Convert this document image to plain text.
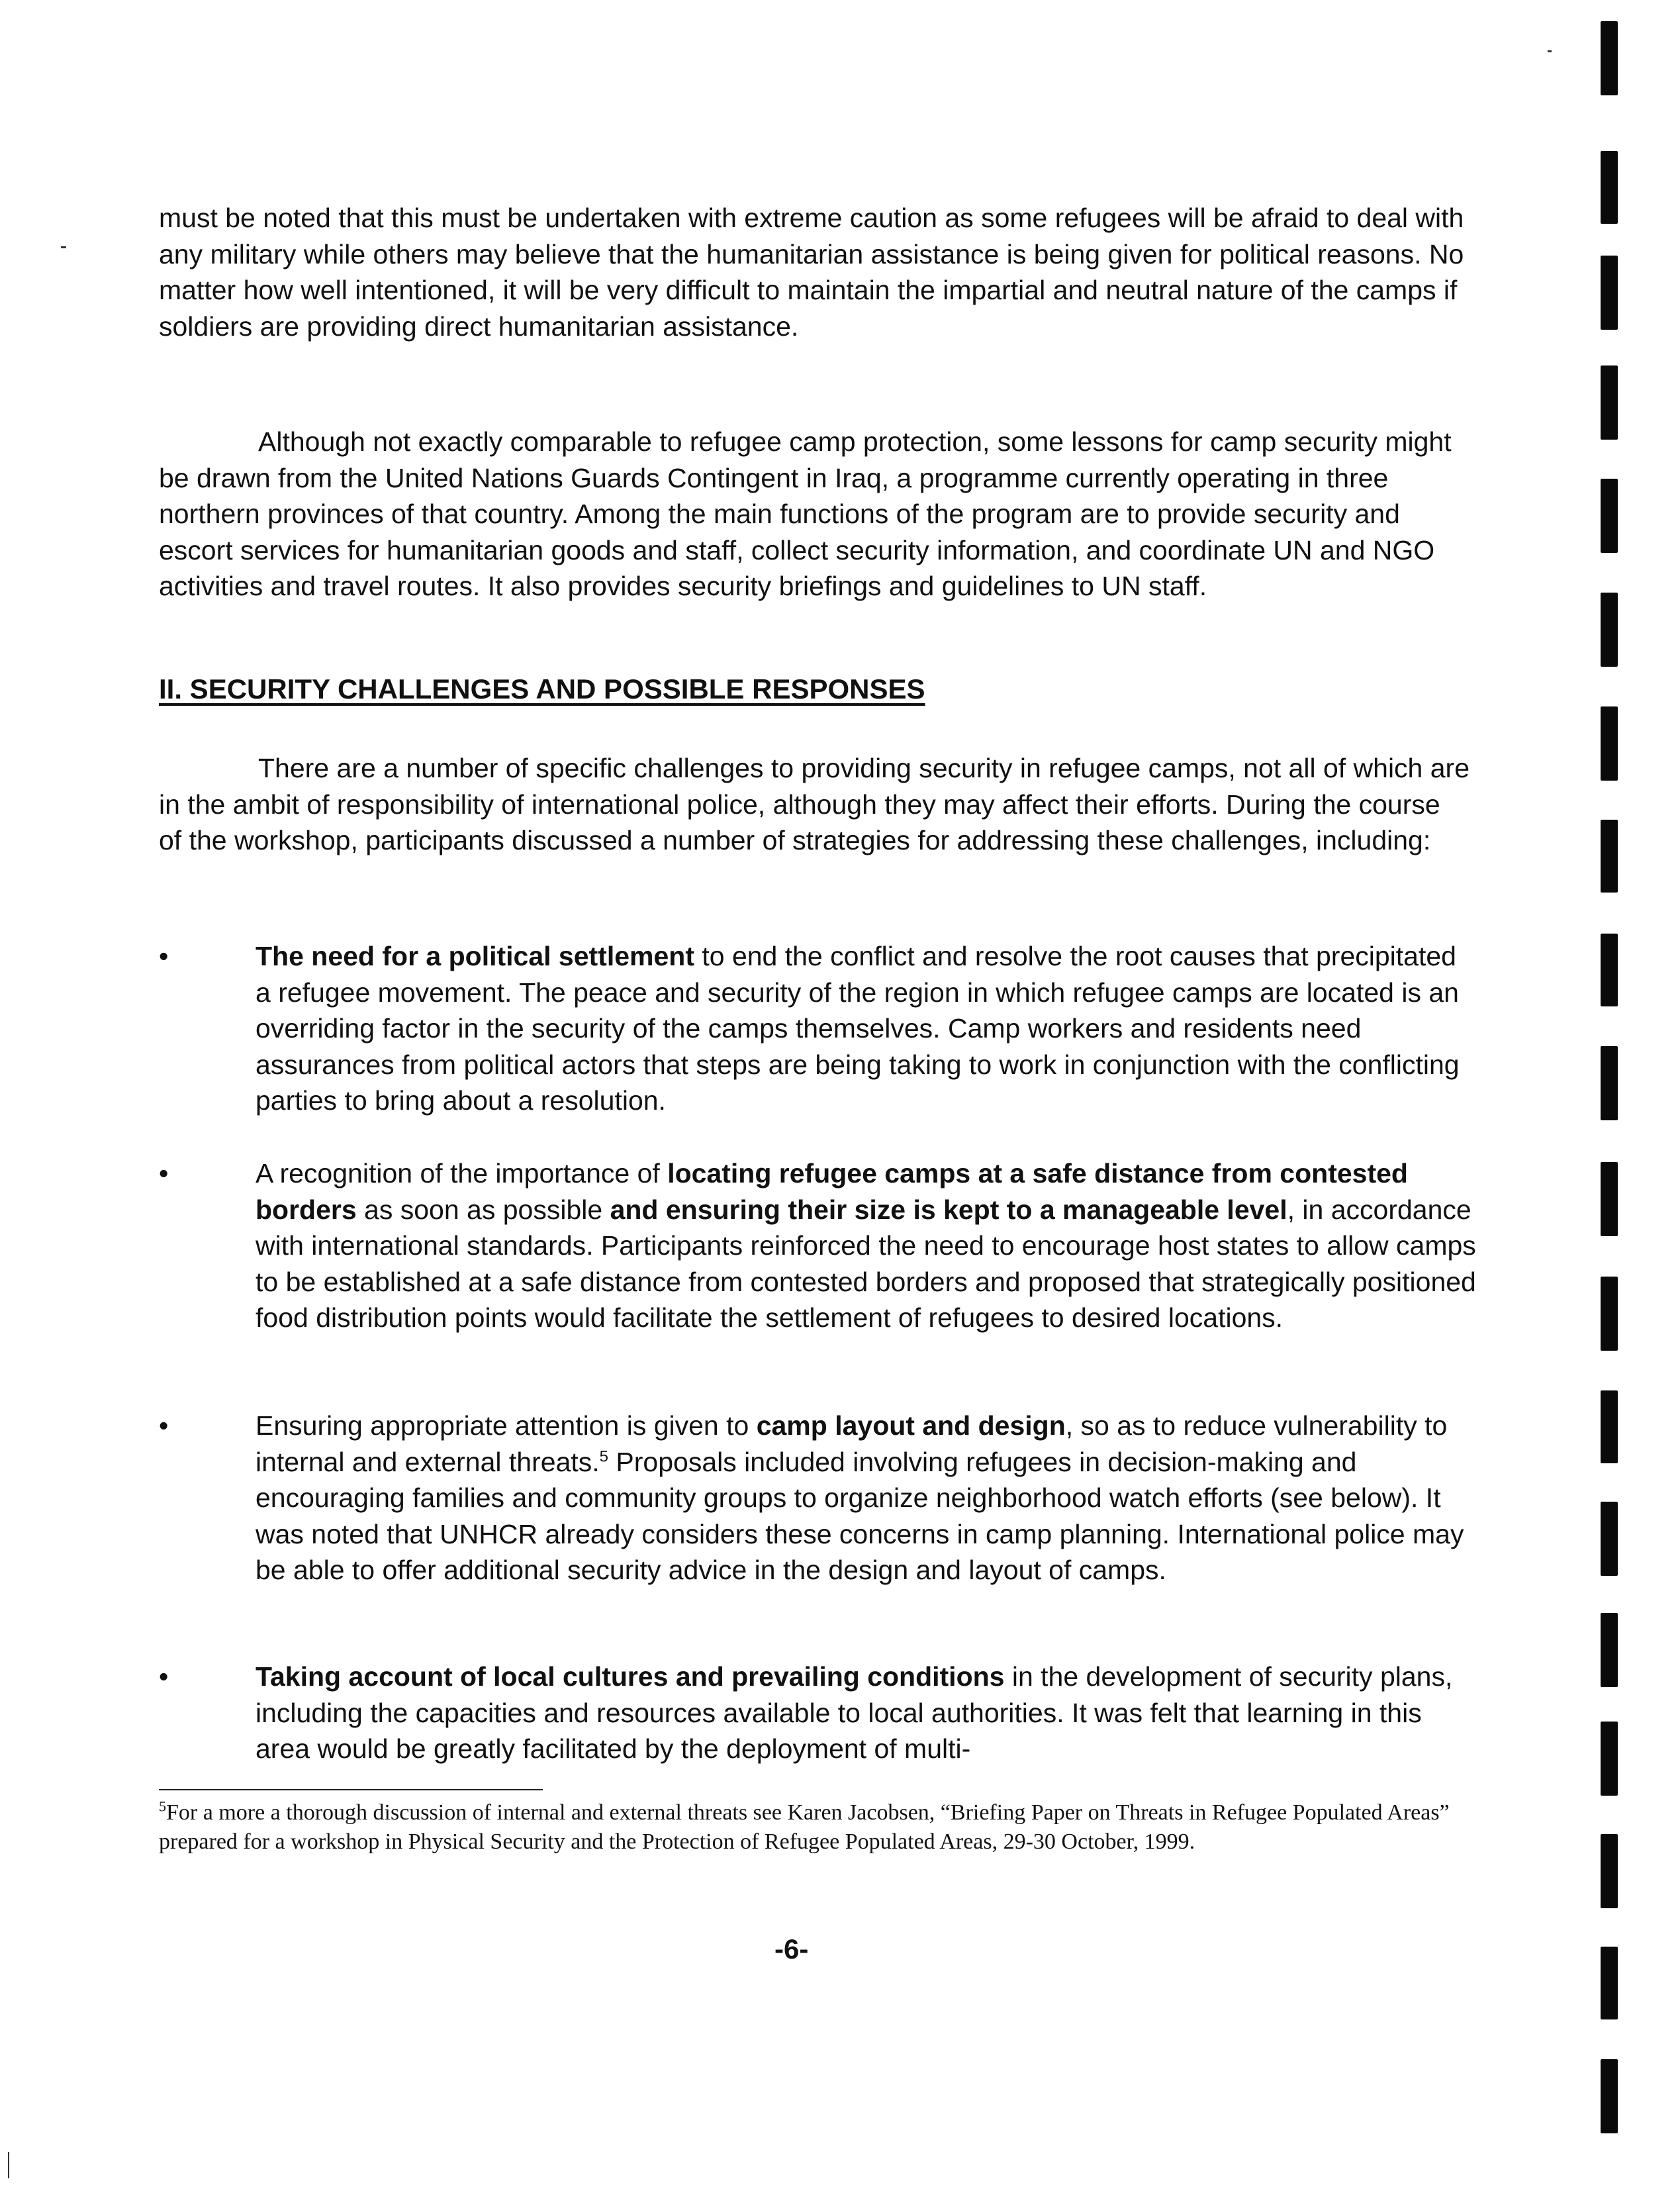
must be noted that this must be undertaken with extreme caution as some refugees will be afraid to deal with any military while others may believe that the humanitarian assistance is being given for political reasons. No matter how well intentioned, it will be very difficult to maintain the impartial and neutral nature of the camps if soldiers are providing direct humanitarian assistance.

Although not exactly comparable to refugee camp protection, some lessons for camp security might be drawn from the United Nations Guards Contingent in Iraq, a programme currently operating in three northern provinces of that country. Among the main functions of the program are to provide security and escort services for humanitarian goods and staff, collect security information, and coordinate UN and NGO activities and travel routes. It also provides security briefings and guidelines to UN staff.

II. SECURITY CHALLENGES AND POSSIBLE RESPONSES

There are a number of specific challenges to providing security in refugee camps, not all of which are in the ambit of responsibility of international police, although they may affect their efforts. During the course of the workshop, participants discussed a number of strategies for addressing these challenges, including:

•	The need for a political settlement to end the conflict and resolve the root causes that precipitated a refugee movement. The peace and security of the region in which refugee camps are located is an overriding factor in the security of the camps themselves. Camp workers and residents need assurances from political actors that steps are being taking to work in conjunction with the conflicting parties to bring about a resolution.

•	A recognition of the importance of locating refugee camps at a safe distance from contested borders as soon as possible and ensuring their size is kept to a manageable level, in accordance with international standards. Participants reinforced the need to encourage host states to allow camps to be established at a safe distance from contested borders and proposed that strategically positioned food distribution points would facilitate the settlement of refugees to desired locations.

•	Ensuring appropriate attention is given to camp layout and design, so as to reduce vulnerability to internal and external threats.$^5$ Proposals included involving refugees in decision-making and encouraging families and community groups to organize neighborhood watch efforts (see below). It was noted that UNHCR already considers these concerns in camp planning. International police may be able to offer additional security advice in the design and layout of camps.

•	Taking account of local cultures and prevailing conditions in the development of security plans, including the capacities and resources available to local authorities. It was felt that learning in this area would be greatly facilitated by the deployment of multi-

$^5$For a more a thorough discussion of internal and external threats see Karen Jacobsen, “Briefing Paper on Threats in Refugee Populated Areas” prepared for a workshop in Physical Security and the Protection of Refugee Populated Areas, 29-30 October, 1999.

-6-
